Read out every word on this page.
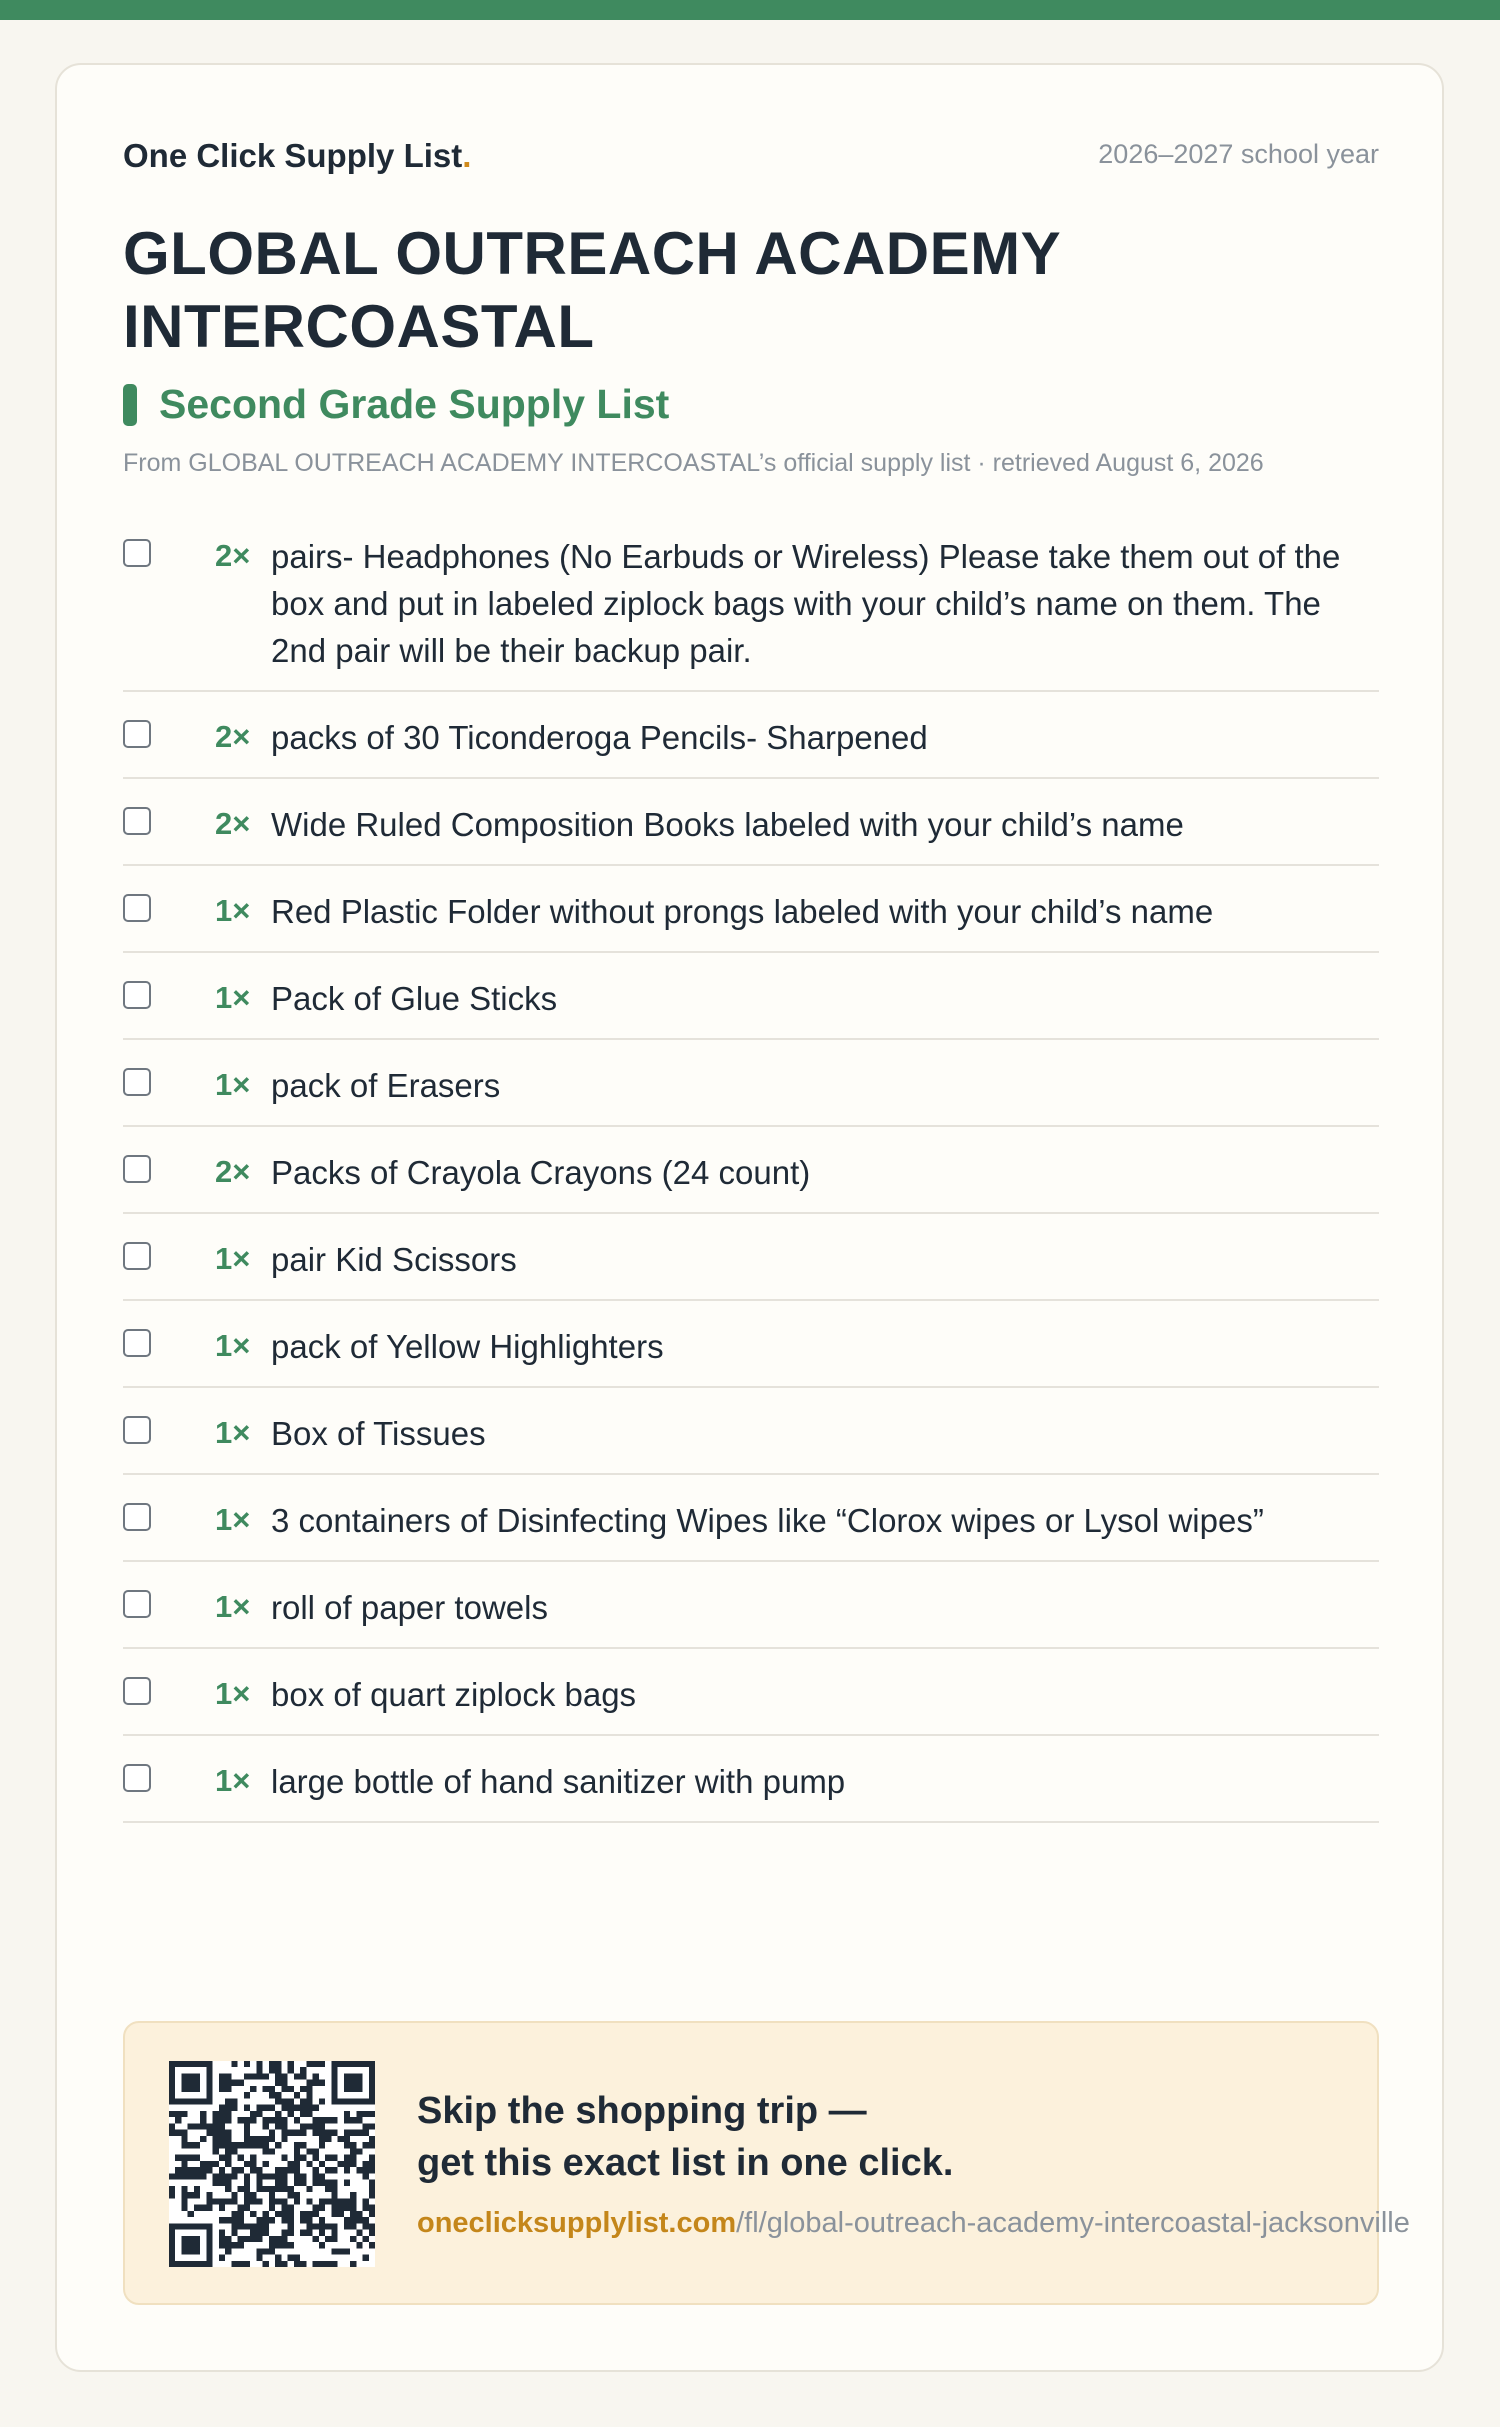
One Click Supply List.	2026–2027 school year
GLOBAL OUTREACH ACADEMY INTERCOASTAL
Second Grade Supply List
From GLOBAL OUTREACH ACADEMY INTERCOASTAL’s official supply list · retrieved August 6, 2026
2× pairs- Headphones (No Earbuds or Wireless) Please take them out of the box and put in labeled ziplock bags with your child’s name on them. The 2nd pair will be their backup pair.
2× packs of 30 Ticonderoga Pencils- Sharpened
2× Wide Ruled Composition Books labeled with your child’s name
1× Red Plastic Folder without prongs labeled with your child’s name
1× Pack of Glue Sticks
1× pack of Erasers
2× Packs of Crayola Crayons (24 count)
1× pair Kid Scissors
1× pack of Yellow Highlighters
1× Box of Tissues
1× 3 containers of Disinfecting Wipes like “Clorox wipes or Lysol wipes”
1× roll of paper towels
1× box of quart ziplock bags
1× large bottle of hand sanitizer with pump
Skip the shopping trip —
get this exact list in one click.
oneclicksupplylist.com/fl/global-outreach-academy-intercoastal-jacksonville
